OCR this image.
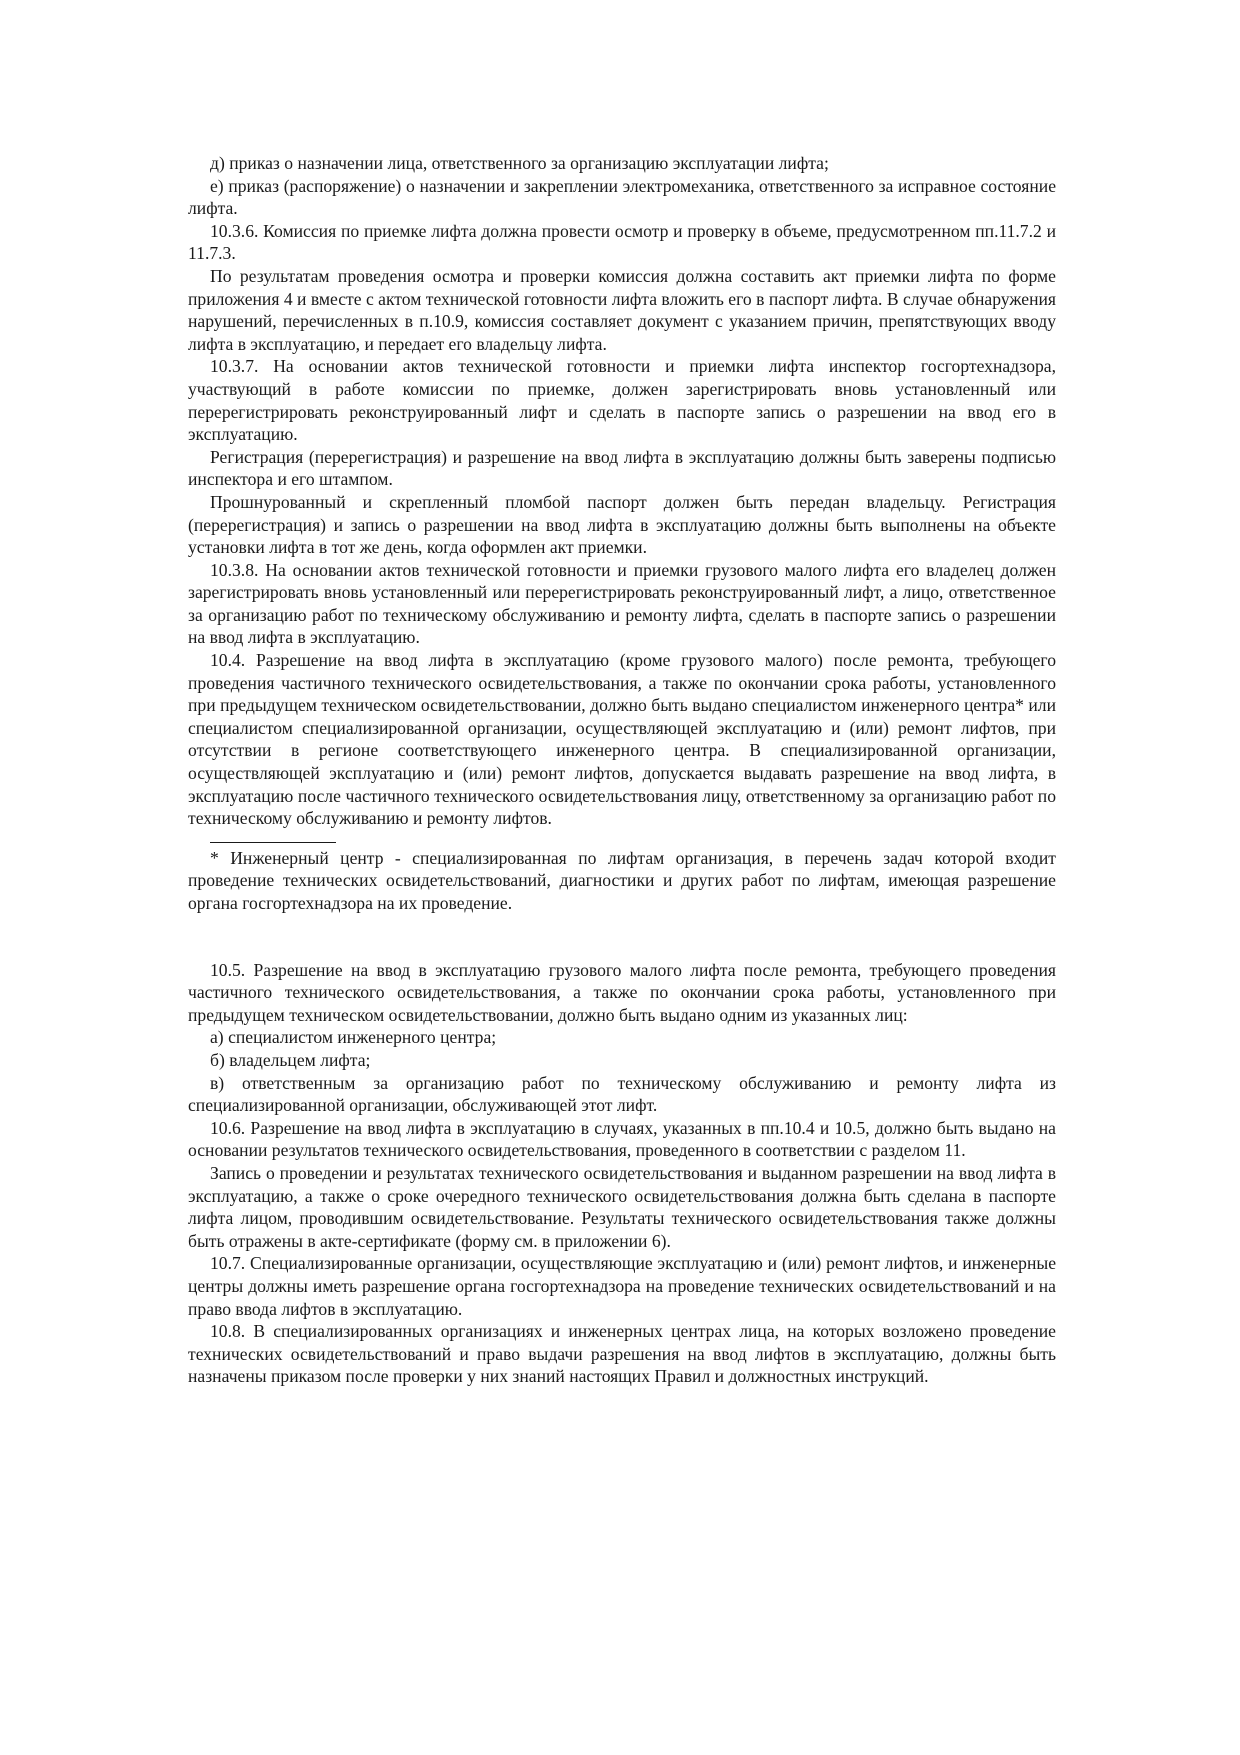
д) приказ о назначении лица, ответственного за организацию эксплуатации лифта;

е) приказ (распоряжение) о назначении и закреплении электромеханика, ответственного за исправное состояние лифта.

10.3.6. Комиссия по приемке лифта должна провести осмотр и проверку в объеме, предусмотренном пп.11.7.2 и 11.7.3.

По результатам проведения осмотра и проверки комиссия должна составить акт приемки лифта по форме приложения 4 и вместе с актом технической готовности лифта вложить его в паспорт лифта. В случае обнаружения нарушений, перечисленных в п.10.9, комиссия составляет документ с указанием причин, препятствующих вводу лифта в эксплуатацию, и передает его владельцу лифта.

10.3.7. На основании актов технической готовности и приемки лифта инспектор госгортехнадзора, участвующий в работе комиссии по приемке, должен зарегистрировать вновь установленный или перерегистрировать реконструированный лифт и сделать в паспорте запись о разрешении на ввод его в эксплуатацию.

Регистрация (перерегистрация) и разрешение на ввод лифта в эксплуатацию должны быть заверены подписью инспектора и его штампом.

Прошнурованный и скрепленный пломбой паспорт должен быть передан владельцу. Регистрация (перерегистрация) и запись о разрешении на ввод лифта в эксплуатацию должны быть выполнены на объекте установки лифта в тот же день, когда оформлен акт приемки.

10.3.8. На основании актов технической готовности и приемки грузового малого лифта его владелец должен зарегистрировать вновь установленный или перерегистрировать реконструированный лифт, а лицо, ответственное за организацию работ по техническому обслуживанию и ремонту лифта, сделать в паспорте запись о разрешении на ввод лифта в эксплуатацию.

10.4. Разрешение на ввод лифта в эксплуатацию (кроме грузового малого) после ремонта, требующего проведения частичного технического освидетельствования, а также по окончании срока работы, установленного при предыдущем техническом освидетельствовании, должно быть выдано специалистом инженерного центра* или специалистом специализированной организации, осуществляющей эксплуатацию и (или) ремонт лифтов, при отсутствии в регионе соответствующего инженерного центра. В специализированной организации, осуществляющей эксплуатацию и (или) ремонт лифтов, допускается выдавать разрешение на ввод лифта, в эксплуатацию после частичного технического освидетельствования лицу, ответственному за организацию работ по техническому обслуживанию и ремонту лифтов.

* Инженерный центр - специализированная по лифтам организация, в перечень задач которой входит проведение технических освидетельствований, диагностики и других работ по лифтам, имеющая разрешение органа госгортехнадзора на их проведение.

10.5. Разрешение на ввод в эксплуатацию грузового малого лифта после ремонта, требующего проведения частичного технического освидетельствования, а также по окончании срока работы, установленного при предыдущем техническом освидетельствовании, должно быть выдано одним из указанных лиц:

а) специалистом инженерного центра;

б) владельцем лифта;

в) ответственным за организацию работ по техническому обслуживанию и ремонту лифта из специализированной организации, обслуживающей этот лифт.

10.6. Разрешение на ввод лифта в эксплуатацию в случаях, указанных в пп.10.4 и 10.5, должно быть выдано на основании результатов технического освидетельствования, проведенного в соответствии с разделом 11.

Запись о проведении и результатах технического освидетельствования и выданном разрешении на ввод лифта в эксплуатацию, а также о сроке очередного технического освидетельствования должна быть сделана в паспорте лифта лицом, проводившим освидетельствование. Результаты технического освидетельствования также должны быть отражены в акте-сертификате (форму см. в приложении 6).

10.7. Специализированные организации, осуществляющие эксплуатацию и (или) ремонт лифтов, и инженерные центры должны иметь разрешение органа госгортехнадзора на проведение технических освидетельствований и на право ввода лифтов в эксплуатацию.

10.8. В специализированных организациях и инженерных центрах лица, на которых возложено проведение технических освидетельствований и право выдачи разрешения на ввод лифтов в эксплуатацию, должны быть назначены приказом после проверки у них знаний настоящих Правил и должностных инструкций.
